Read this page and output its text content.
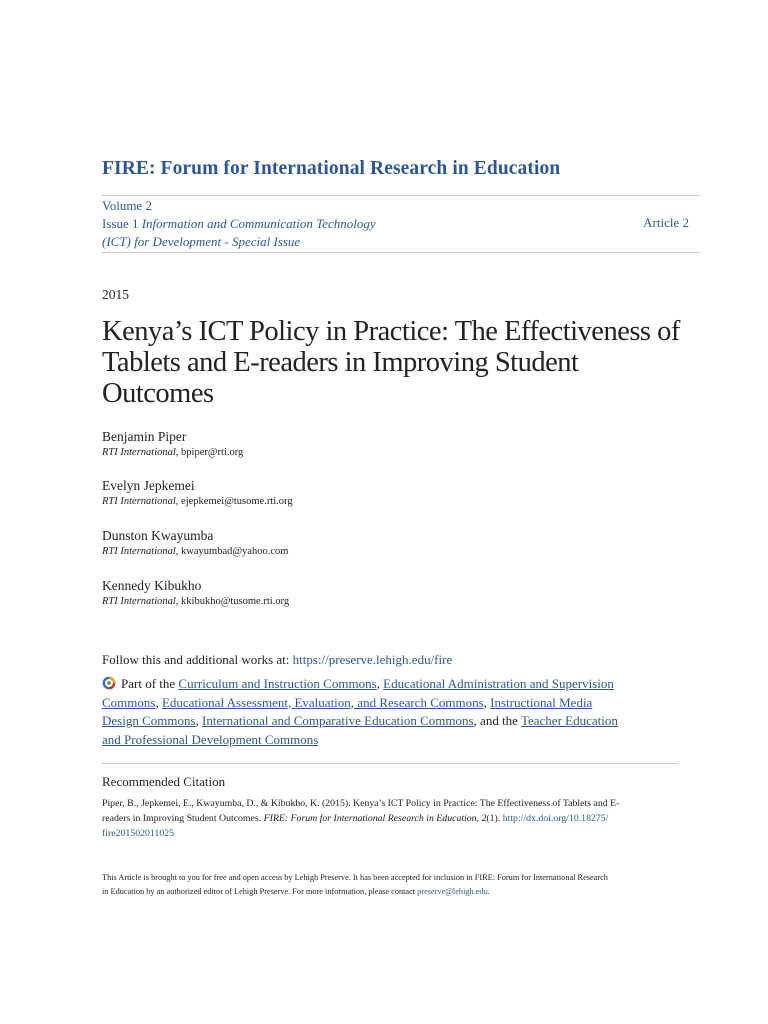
FIRE: Forum for International Research in Education
Volume 2
Issue 1 Information and Communication Technology
(ICT) for Development - Special Issue
Article 2
2015
Kenya’s ICT Policy in Practice: The Effectiveness of
Tablets and E-readers in Improving Student
Outcomes
Benjamin Piper
RTI International, bpiper@rti.org
Evelyn Jepkemei
RTI International, ejepkemei@tusome.rti.org
Dunston Kwayumba
RTI International, kwayumbad@yahoo.com
Kennedy Kibukho
RTI International, kkibukho@tusome.rti.org
Follow this and additional works at: https://preserve.lehigh.edu/fire
Part of the Curriculum and Instruction Commons, Educational Administration and Supervision
Commons, Educational Assessment, Evaluation, and Research Commons, Instructional Media
Design Commons, International and Comparative Education Commons, and the Teacher Education
and Professional Development Commons
Recommended Citation
Piper, B., Jepkemei, E., Kwayumba, D., & Kibukho, K. (2015). Kenya’s ICT Policy in Practice: The Effectiveness of Tablets and E-
readers in Improving Student Outcomes. FIRE: Forum for International Research in Education, 2(1). http://dx.doi.org/10.18275/
fire201502011025
This Article is brought to you for free and open access by Lehigh Preserve. It has been accepted for inclusion in FIRE: Forum for International Research
in Education by an authorized editor of Lehigh Preserve. For more information, please contact preserve@lehigh.edu.
